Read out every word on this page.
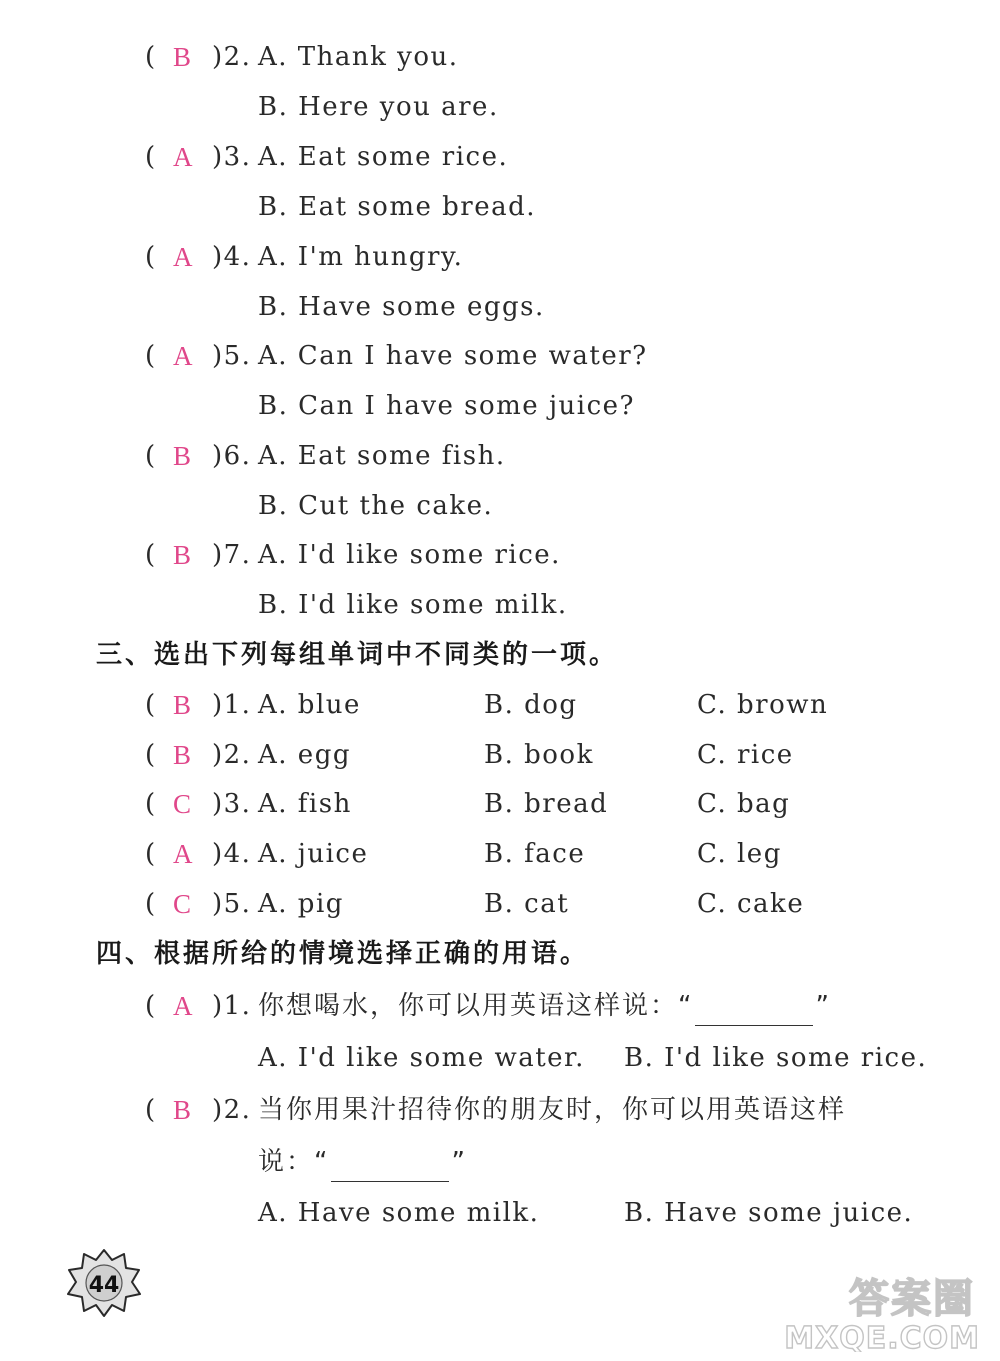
( B )2. A. Thank you.
B. Here you are.
( A )3. A. Eat some rice.
B. Eat some bread.
( A )4. A. I'm hungry.
B. Have some eggs.
( A )5. A. Can I have some water?
B. Can I have some juice?
( B )6. A. Eat some fish.
B. Cut the cake.
( B )7. A. I'd like some rice.
B. I'd like some milk.
三、选出下列每组单词中不同类的一项。
( B )1. A. blue	B. dog	C. brown
( B )2. A. egg	B. book	C. rice
( C )3. A. fish	B. bread	C. bag
( A )4. A. juice	B. face	C. leg
( C )5. A. pig	B. cat	C. cake
四、根据所给的情境选择正确的用语。
( A )1. 你想喝水，你可以用英语这样说：“	”
A. I'd like some water. B. I'd like some rice.
( B )2. 当你用果汁招待你的朋友时，你可以用英语这样
说：“	”
A. Have some milk.	B. Have some juice.
44	答案圈
MXQE.COM
